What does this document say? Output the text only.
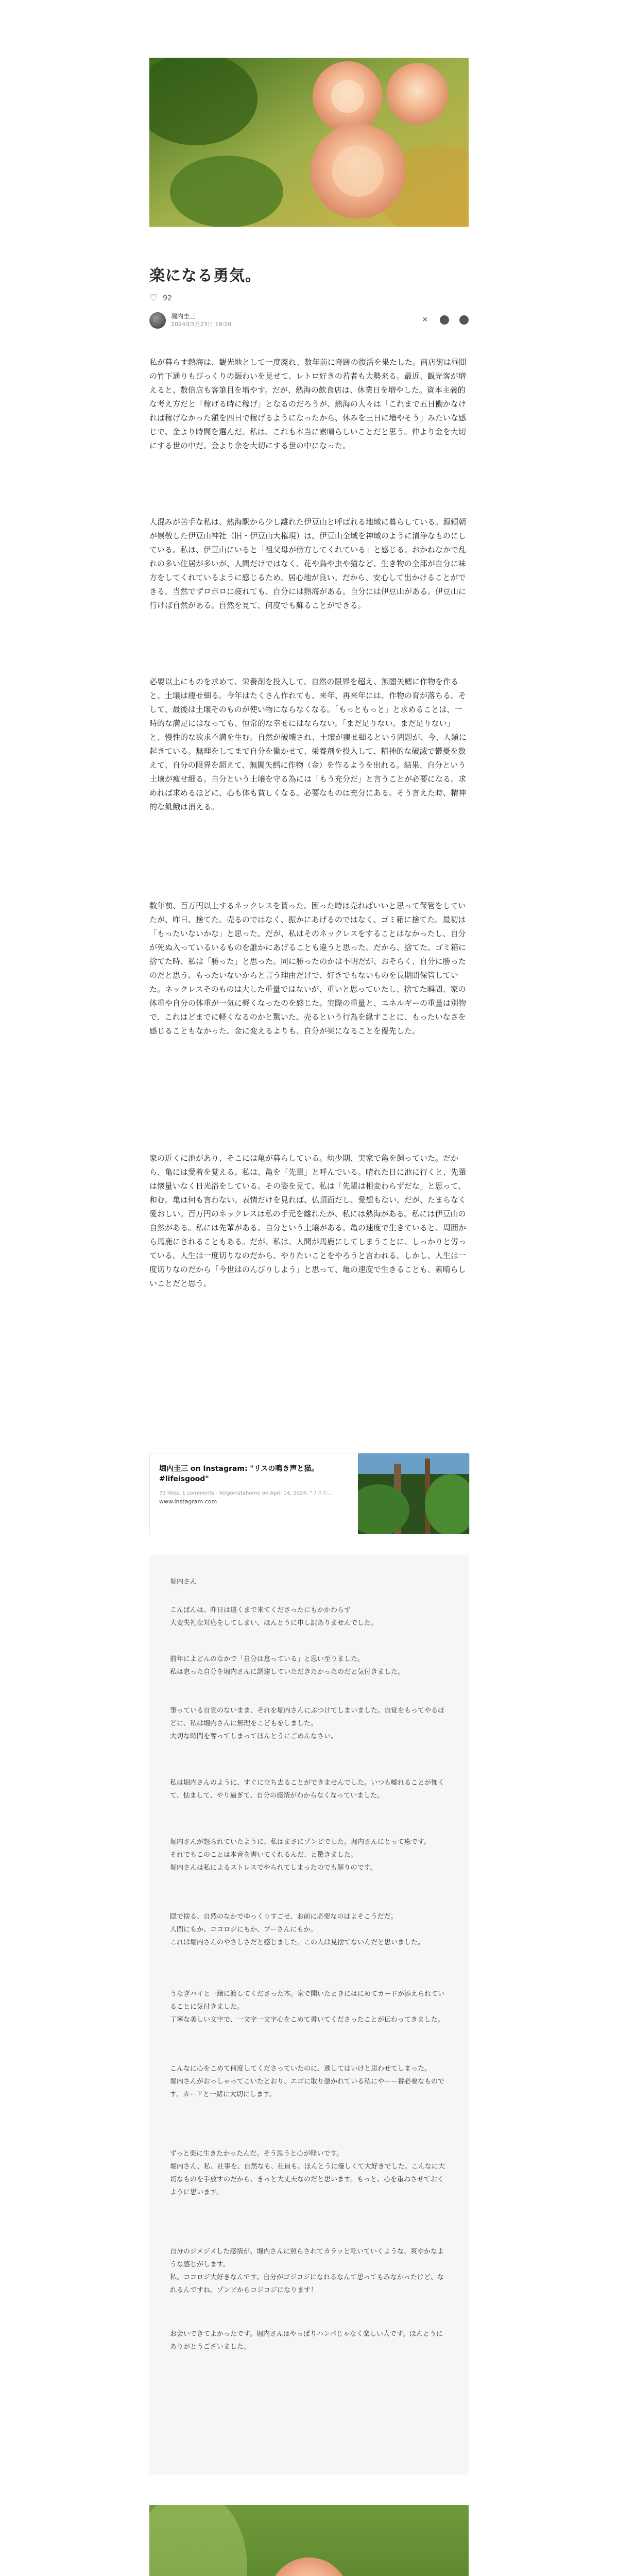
楽になる勇気。
♡ 92
堀内圭三
2024年5月23日 19:20
✕

私が暮らす熱海は、観光地として一度廃れ、数年前に奇跡の復活を果たした。商店街は昼間の竹下通りもびっくりの賑わいを見せて、レトロ好きの若者も大勢来る。最近、観光客が増えると、数倍店も客筆目を増やす。だが、熱海の飲食店は、休業日を増やした。資本主義的な考え方だと「稼げる時に稼げ」となるのだろうが、熱海の人々は「これまで五日働かなければ稼げなかった額を四日で稼げるようになったから、休みを三日に増やそう」みたいな感じで、金より時間を選んだ。私は、これも本当に素晴らしいことだと思う。仲より金を大切にする世の中だ。金より余を大切にする世の中になった。

人混みが苦手な私は、熱海駅から少し離れた伊豆山と呼ばれる地域に暮らしている。源頼朝が崇敬した伊豆山神社（旧・伊豆山大権現）は、伊豆山全域を神域のように清浄なものにしている。私は、伊豆山にいると「祖父母が傍方してくれている」と感じる。おかねなかで乱れの多い住居が多いが、人間だけではなく、花や鳥や虫や猫など、生き物の全部が自分に味方をしてくれているように感じるため、居心地が良い。だから、安心して出かけることができる。当然でずロボロに疲れても、自分には熱海がある。自分には伊豆山がある。伊豆山に行けば自然がある。自然を見て、何度でも蘇ることができる。

必要以上にものを求めて、栄養剤を投入して、自然の限界を超え、無闇矢鱈に作物を作ると、土壌は痩せ細る。今年はたくさん作れても、来年、再来年には、作物の育が落ちる。そして、最後は土壌そのものが使い物にならなくなる。「もっともっと」と求めることは、一時的な満足にはなっても、恒常的な幸せにはならない。「まだ足りない。まだ足りない」と、慢性的な欲求不満を生む。自然が破壊され、土壌が痩せ細るという問題が、今、人類に起きている。無理をしてまで自分を働かせて、栄養剤を投入して、精神的な破滅で鬱憂を数えて、自分の限界を超えて、無闇矢鱈に作物（金）を作るようを出れる。結果、自分という土壌が痩せ細る。自分という土壌を守る為には「もう充分だ」と言うことが必要になる。求めれば求めるほどに、心も体も貧しくなる。必要なものは充分にある。そう言えた時、精神的な飢餓は消える。

数年前、百万円以上するネックレスを貰った。困った時は売ればいいと思って保管をしていたが、昨日、捨てた。売るのではなく、振かにあげるのではなく、ゴミ箱に捨てた。最初は「もったいないかな」と思った。だが、私はそのネックレスをすることはなかったし、自分が死ぬ入っているいるものを誰かにあげることも違うと思った。だから、捨てた。ゴミ箱に捨てた時、私は「勝った」と思った。同に勝ったのかは不明だが、おそらく、自分に勝ったのだと思う。もったいないからと言う理由だけで、好きでもないものを長期間保管していた。ネックレスそのものは大した重量ではないが、重いと思っていたし、捨てた瞬間、家の体重や自分の体重が一気に軽くなったのを感じた。実際の重量と、エネルギーの重量は別物で、これはどまでに軽くなるのかと驚いた。売るという行為を縁すことに、もったいなさを感じることもなかった。金に変えるよりも、自分が楽になることを優先した。

家の近くに池があり、そこには亀が暮らしている。幼少期、実家で亀を飼っていた。だから、亀には愛着を覚える。私は、亀を「先輩」と呼んでいる。晴れた日に池に行くと、先輩は懐量いなく日光浴をしている。その姿を見て、私は「先輩は相変わらずだな」と思って、和む。亀は何も言わない。表情だけを見れば、仏頂面だし、愛想もない。だが、たまらなく愛おしい。百万円のネックレスは私の手元を離れたが、私には熱海がある。私には伊豆山の自然がある。私には先輩がある。自分という土壌がある。亀の速度で生きていると、周囲から馬鹿にされることもある。だが、私は、人間が馬鹿にしてしまうことに、しっかりと労っている。人生は一度切りなのだから、やりたいことをやろうと言われる。しかし、人生は一度切りなのだから「今世はのんびりしよう」と思って、亀の速度で生きることも、素晴らしいことだと思う。

堀内圭三 on Instagram: "リスの鳴き声と猫。#lifeisgood"
73 likes, 1 comments - keigoinstahome on April 14, 2024: "リスの...
www.instagram.com

堀内さん

こんばんは。昨日は遠くまで来てくださったにもかかわらず
大変失礼な対応をしてしまい、ほんとうに申し訳ありませんでした。

前年によどんのなかで「自分は怠っている」と思い至りました。
私は怠った自分を堀内さんに調達していただきたかったのだと気付きました。

筆っている自覚のないまま、それを堀内さんにぶつけてしまいました。自覚をもってやるほどに、私は堀内さんに無理をこどもをしました。
大切な時間を奪ってしまってほんとうにごめんなさい。

私は堀内さんのように、すぐに立ち去ることができませんでした。いつも嘘れることが怖くて、怯まして、やり過ぎて、自分の感情がわからなくなっていました。

堀内さんが怒られていたように、私はまさにゾンビでした。堀内さんにとって癒です。
それでもこのことは本音を書いてくれるんだ、と驚きました。
堀内さんは私によるストレスでやられてしまったのでも解りのです。

隠で捨る、自然のなかでゆっくりすごせ、お前に必要なのはよそこうだだ。
人間にもか、ココロジにもか、ブーさんにもか。
これは堀内さんのやさしさだと感じました。この人は見捨てないんだと思いました。

うなぎパイと一緒に渡してくださった本。家で開いたときにはにめてカードが添えられていることに気付きました。
丁寧な美しい文字で、一文字一文字心をこめて書いてくださったことが伝わってきました。

こんなに心をこめて何度してくださっていたのに、逃してはいけと思わせてしまった。
堀内さんがおっしゃってこいたとおり、エゴに取り憑かれている私にやーー番必要なものです。カードと一緒に大切にします。

ずっと楽に生きたかったんだ。そう思うと心が軽いです。
堀内さん、私、社事を、自然なも、社員も、ほんとうに優しくて大好きでした。こんなに大切なものを手放すのだから、きっと大丈夫なのだと思います。もっと、心を重ねさせておくように思います。

自分のジメジメした感情が、堀内さんに照らされてカラッと乾いていくような、爽やかなような感じがします。
私、ココロジ大好きなんです。自分がゴジコジになれるなんて思ってもみなかったけど、なれるんですね。ゾンビからコジコジになります！

お会いできてよかったです。堀内さんはやっぱりハンパじゃなく楽しい人です。ほんとうにありがとうございました。
